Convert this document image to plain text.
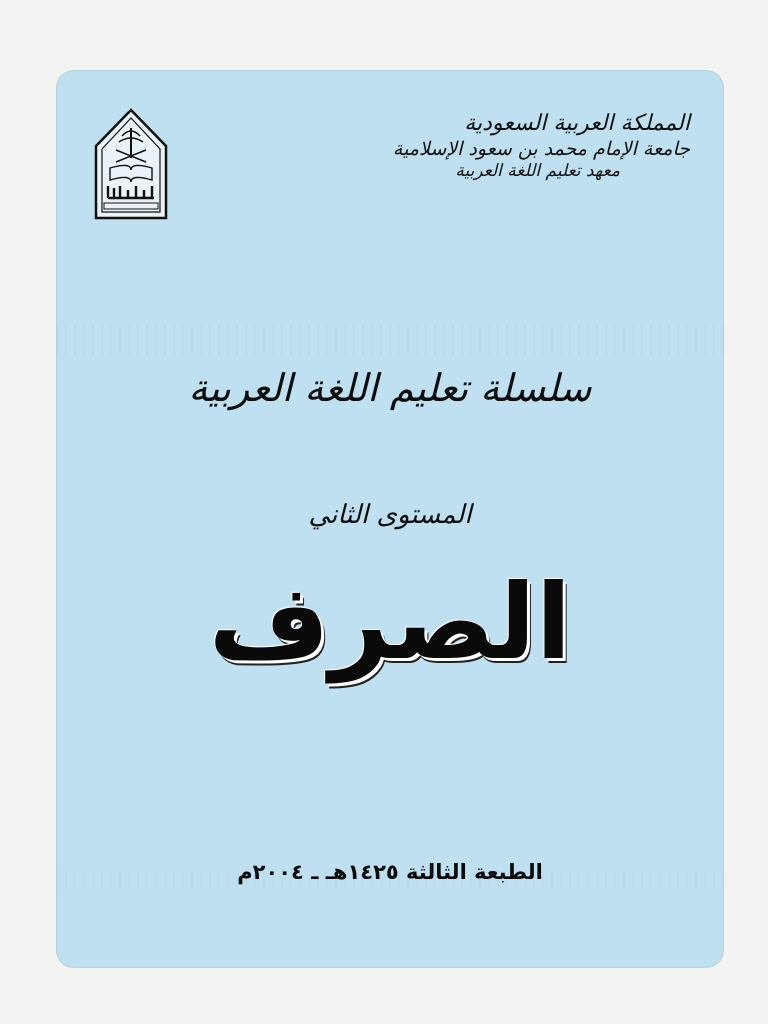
المملكة العربية السعودية
جامعة الإمام محمد بن سعود الإسلامية
معهد تعليم اللغة العربية
سلسلة تعليم اللغة العربية
المستوى الثاني
الصرف
الطبعة الثالثة ١٤٢٥هـ ـ ٢٠٠٤م
